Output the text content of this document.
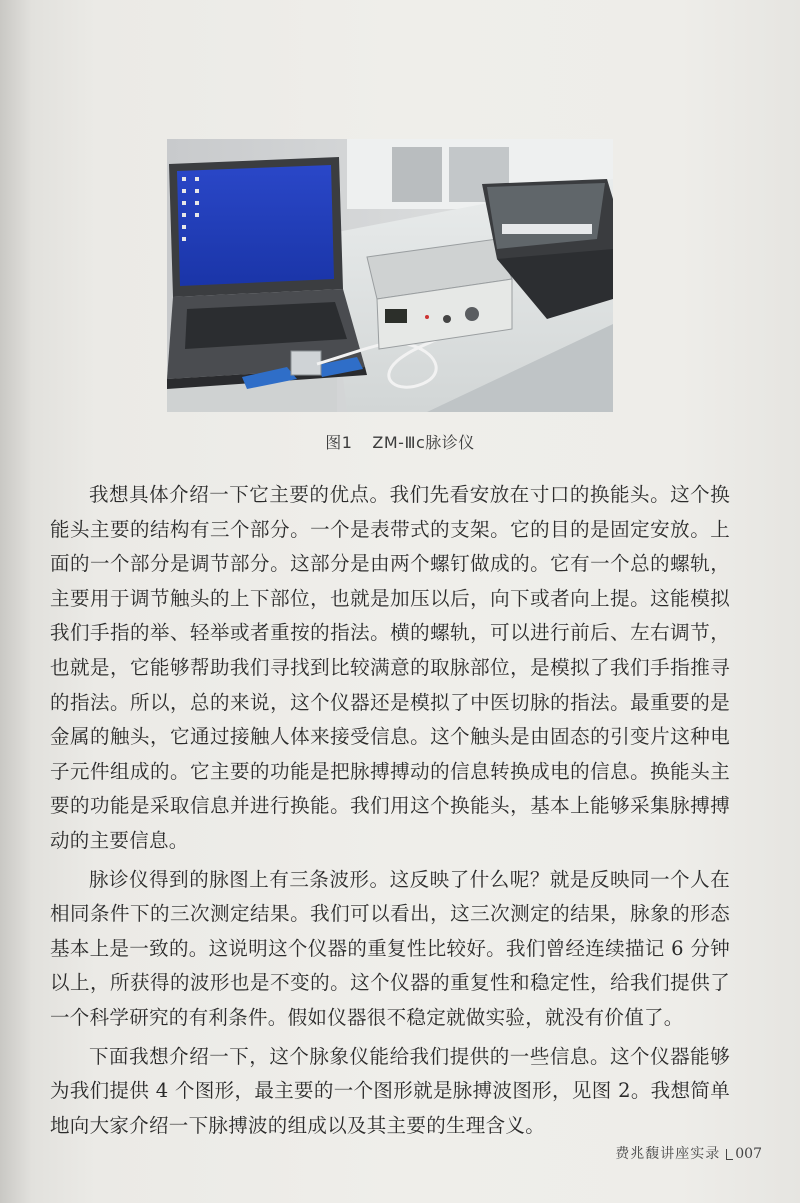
图1 ZM-Ⅲc脉诊仪

我想具体介绍一下它主要的优点。我们先看安放在寸口的换能头。这个换能头主要的结构有三个部分。一个是表带式的支架。它的目的是固定安放。上面的一个部分是调节部分。这部分是由两个螺钉做成的。它有一个总的螺轨，主要用于调节触头的上下部位，也就是加压以后，向下或者向上提。这能模拟我们手指的举、轻举或者重按的指法。横的螺轨，可以进行前后、左右调节，也就是，它能够帮助我们寻找到比较满意的取脉部位，是模拟了我们手指推寻的指法。所以，总的来说，这个仪器还是模拟了中医切脉的指法。最重要的是金属的触头，它通过接触人体来接受信息。这个触头是由固态的引变片这种电子元件组成的。它主要的功能是把脉搏搏动的信息转换成电的信息。换能头主要的功能是采取信息并进行换能。我们用这个换能头，基本上能够采集脉搏搏动的主要信息。

脉诊仪得到的脉图上有三条波形。这反映了什么呢？就是反映同一个人在相同条件下的三次测定结果。我们可以看出，这三次测定的结果，脉象的形态基本上是一致的。这说明这个仪器的重复性比较好。我们曾经连续描记 6 分钟以上，所获得的波形也是不变的。这个仪器的重复性和稳定性，给我们提供了一个科学研究的有利条件。假如仪器很不稳定就做实验，就没有价值了。

下面我想介绍一下，这个脉象仪能给我们提供的一些信息。这个仪器能够为我们提供 4 个图形，最主要的一个图形就是脉搏波图形，见图 2。我想简单地向大家介绍一下脉搏波的组成以及其主要的生理含义。

费兆馥讲座实录 007
